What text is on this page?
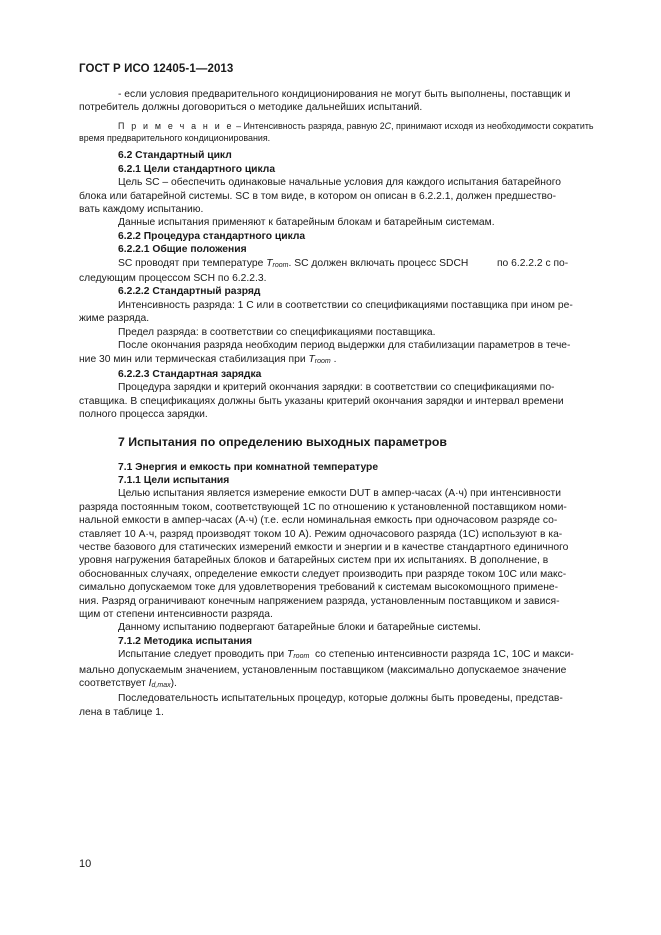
ГОСТ Р ИСО 12405-1—2013

- если условия предварительного кондиционирования не могут быть выполнены, поставщик и

потребитель должны договориться о методике дальнейших испытаний.

П р и м е ч а н и е – Интенсивность разряда, равную 2C, принимают исходя из необходимости сократить

время предварительного кондиционирования.

6.2 Стандартный цикл

6.2.1 Цели стандартного цикла

Цель SC – обеспечить одинаковые начальные условия для каждого испытания батарейного

блока или батарейной системы. SC в том виде, в котором он описан в 6.2.2.1, должен предшество-

вать каждому испытанию.

Данные испытания применяют к батарейным блокам и батарейным системам.

6.2.2 Процедура стандартного цикла

6.2.2.1 Общие положения

SC проводят при температуре $T_{room}$. SC должен включать процесс SDCH          по 6.2.2.2 с по-

следующим процессом SCH по 6.2.2.3.

6.2.2.2 Стандартный разряд

Интенсивность разряда: 1 C или в соответствии со спецификациями поставщика при ином ре-

жиме разряда.

Предел разряда: в соответствии со спецификациями поставщика.

После окончания разряда необходим период выдержки для стабилизации параметров в тече-

ние 30 мин или термическая стабилизация при $T_{room}$ .

6.2.2.3 Стандартная зарядка

Процедура зарядки и критерий окончания зарядки: в соответствии со спецификациями по-

ставщика. В спецификациях должны быть указаны критерий окончания зарядки и интервал времени

полного процесса зарядки.

7 Испытания по определению выходных параметров

7.1 Энергия и емкость при комнатной температуре

7.1.1 Цели испытания

Целью испытания является измерение емкости DUT в ампер-часах (А·ч) при интенсивности

разряда постоянным током, соответствующей 1C по отношению к установленной поставщиком номи-

нальной емкости в ампер-часах (А·ч) (т.е. если номинальная емкость при одночасовом разряде со-

ставляет 10 А·ч, разряд производят током 10 А). Режим одночасового разряда (1C) используют в ка-

честве базового для статических измерений емкости и энергии и в качестве стандартного единичного

уровня нагружения батарейных блоков и батарейных систем при их испытаниях. В дополнение, в

обоснованных случаях, определение емкости следует производить при разряде током 10C или макс-

симально допускаемом токе для удовлетворения требований к системам высокомощного примене-

ния. Разряд ограничивают конечным напряжением разряда, установленным поставщиком и завися-

щим от степени интенсивности разряда.

Данному испытанию подвергают батарейные блоки и батарейные системы.

7.1.2 Методика испытания

Испытание следует проводить при $T_{room}$  со степенью интенсивности разряда 1C, 10C и макси-

мально допускаемым значением, установленным поставщиком (максимально допускаемое значение

соответствует $I_{d,max}$).

Последовательность испытательных процедур, которые должны быть проведены, представ-

лена в таблице 1.

10
